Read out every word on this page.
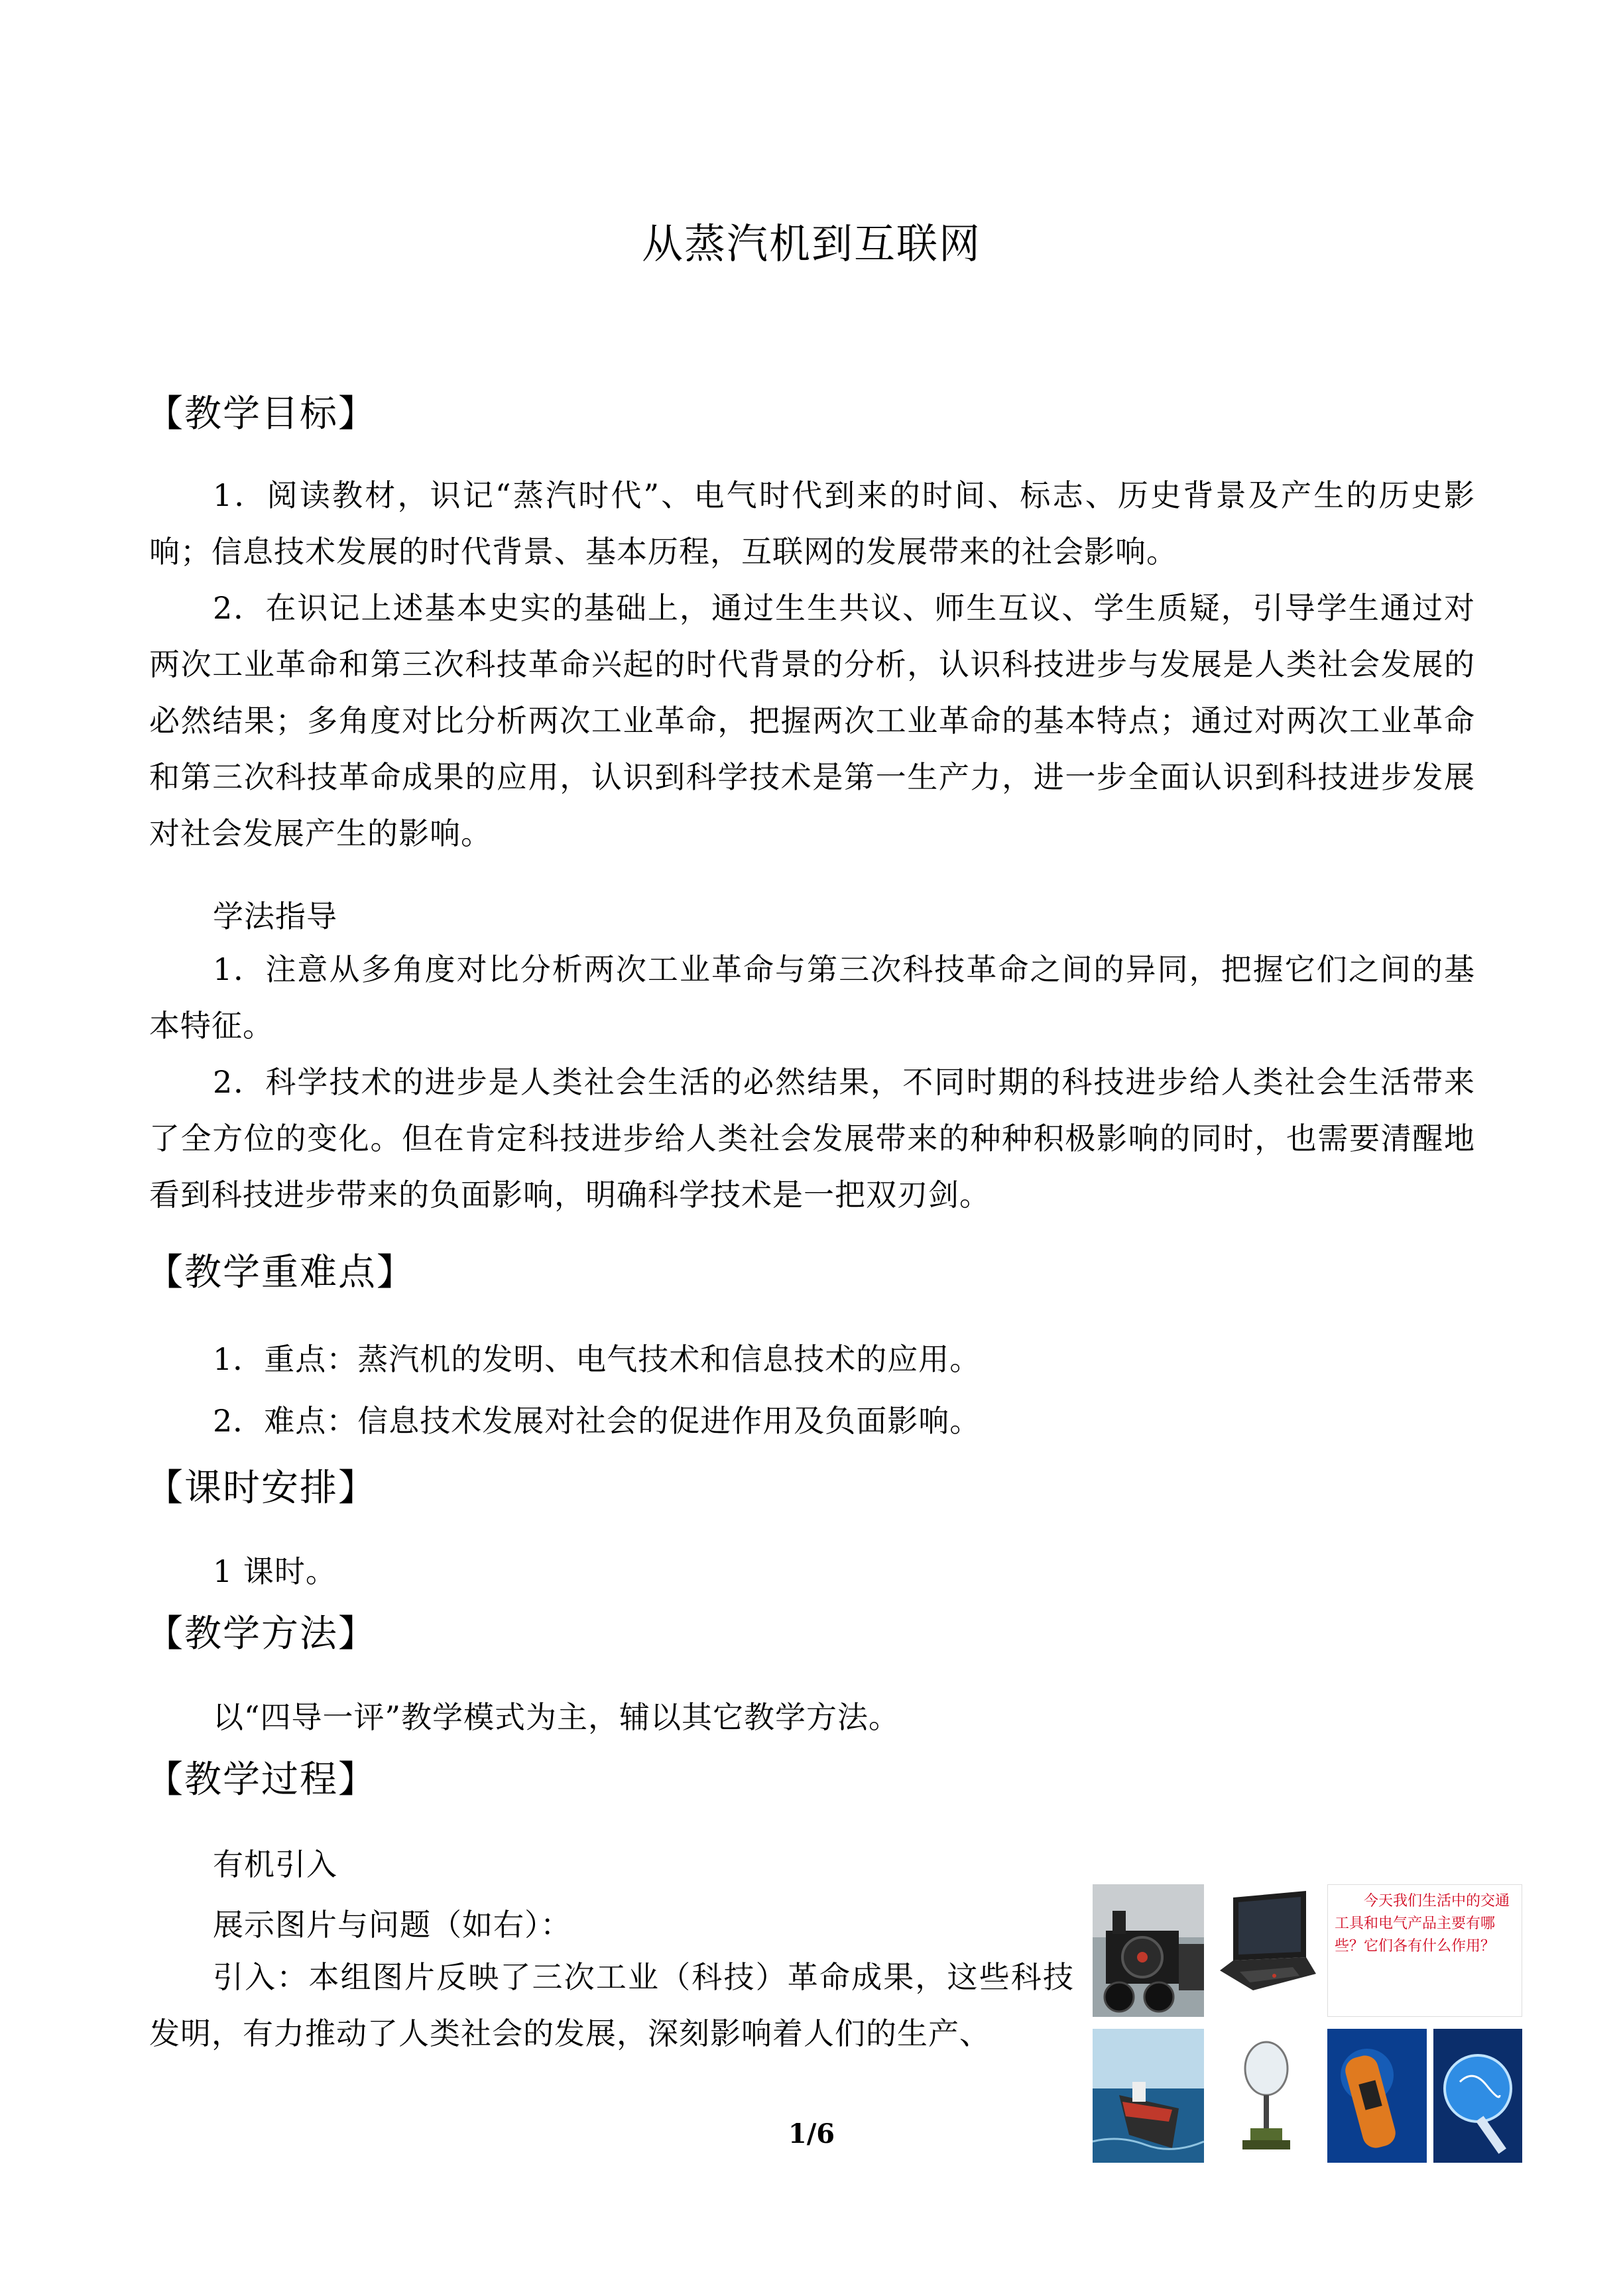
从蒸汽机到互联网
【教学目标】
1．阅读教材，识记“蒸汽时代”、电气时代到来的时间、标志、历史背景及产生的历史影响；信息技术发展的时代背景、基本历程，互联网的发展带来的社会影响。
2．在识记上述基本史实的基础上，通过生生共议、师生互议、学生质疑，引导学生通过对两次工业革命和第三次科技革命兴起的时代背景的分析，认识科技进步与发展是人类社会发展的必然结果；多角度对比分析两次工业革命，把握两次工业革命的基本特点；通过对两次工业革命和第三次科技革命成果的应用，认识到科学技术是第一生产力，进一步全面认识到科技进步发展对社会发展产生的影响。
学法指导
1．注意从多角度对比分析两次工业革命与第三次科技革命之间的异同，把握它们之间的基本特征。
2．科学技术的进步是人类社会生活的必然结果，不同时期的科技进步给人类社会生活带来了全方位的变化。但在肯定科技进步给人类社会发展带来的种种积极影响的同时，也需要清醒地看到科技进步带来的负面影响，明确科学技术是一把双刃剑。
【教学重难点】
1．重点：蒸汽机的发明、电气技术和信息技术的应用。
2．难点：信息技术发展对社会的促进作用及负面影响。
【课时安排】
1 课时。
【教学方法】
以“四导一评”教学模式为主，辅以其它教学方法。
【教学过程】
有机引入
展示图片与问题（如右）：
引入：本组图片反映了三次工业（科技）革命成果，这些科技发明，有力推动了人类社会的发展，深刻影响着人们的生产、
今天我们生活中的交通工具和电气产品主要有哪些？它们各有什么作用？
1/6
